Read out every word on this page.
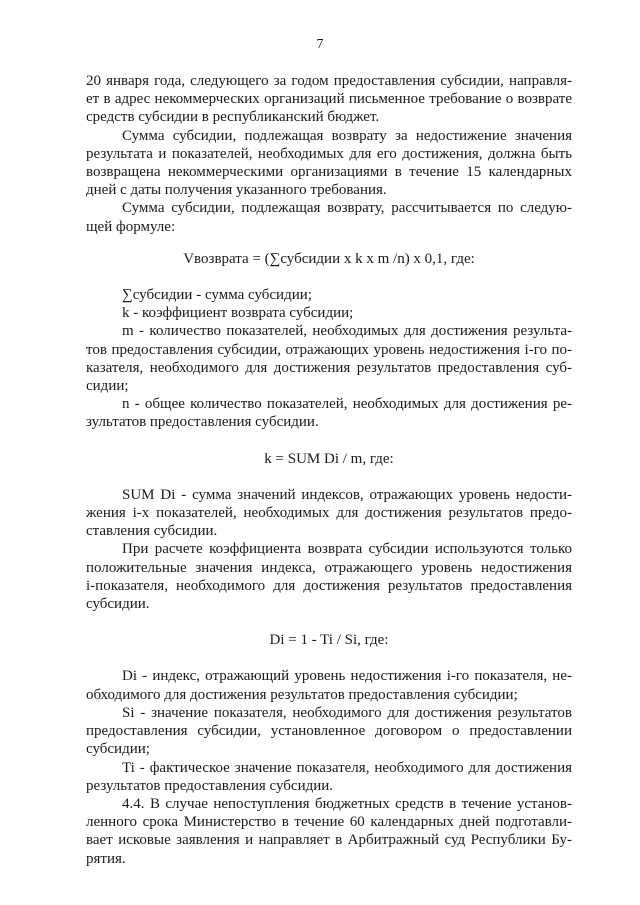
7

20 января года, следующего за годом предоставления субсидии, направля-
ет в адрес некоммерческих организаций письменное требование о возврате
средств субсидии в республиканский бюджет.

Сумма субсидии, подлежащая возврату за недостижение значения
результата и показателей, необходимых для его достижения, должна быть
возвращена некоммерческими организациями в течение 15 календарных
дней с даты получения указанного требования.

Сумма субсидии, подлежащая возврату, рассчитывается по следую-
щей формуле:

Vвозврата = (∑субсидии x k x m /n) x 0,1, где:

∑субсидии - сумма субсидии;

k - коэффициент возврата субсидии;

m - количество показателей, необходимых для достижения результа-
тов предоставления субсидии, отражающих уровень недостижения i-го по-
казателя, необходимого для достижения результатов предоставления суб-
сидии;

n - общее количество показателей, необходимых для достижения ре-
зультатов предоставления субсидии.

k = SUM Di / m, где:

SUM Di - сумма значений индексов, отражающих уровень недости-
жения i-х показателей, необходимых для достижения результатов предо-
ставления субсидии.

При расчете коэффициента возврата субсидии используются только
положительные значения индекса, отражающего уровень недостижения
i-показателя, необходимого для достижения результатов предоставления
субсидии.

Di = 1 - Ti / Si, где:

Di - индекс, отражающий уровень недостижения i-го показателя, не-
обходимого для достижения результатов предоставления субсидии;

Si - значение показателя, необходимого для достижения результатов
предоставления субсидии, установленное договором о предоставлении
субсидии;

Ti - фактическое значение показателя, необходимого для достижения
результатов предоставления субсидии.

4.4. В случае непоступления бюджетных средств в течение установ-
ленного срока Министерство в течение 60 календарных дней подготавли-
вает исковые заявления и направляет в Арбитражный суд Республики Бу-
рятия.
